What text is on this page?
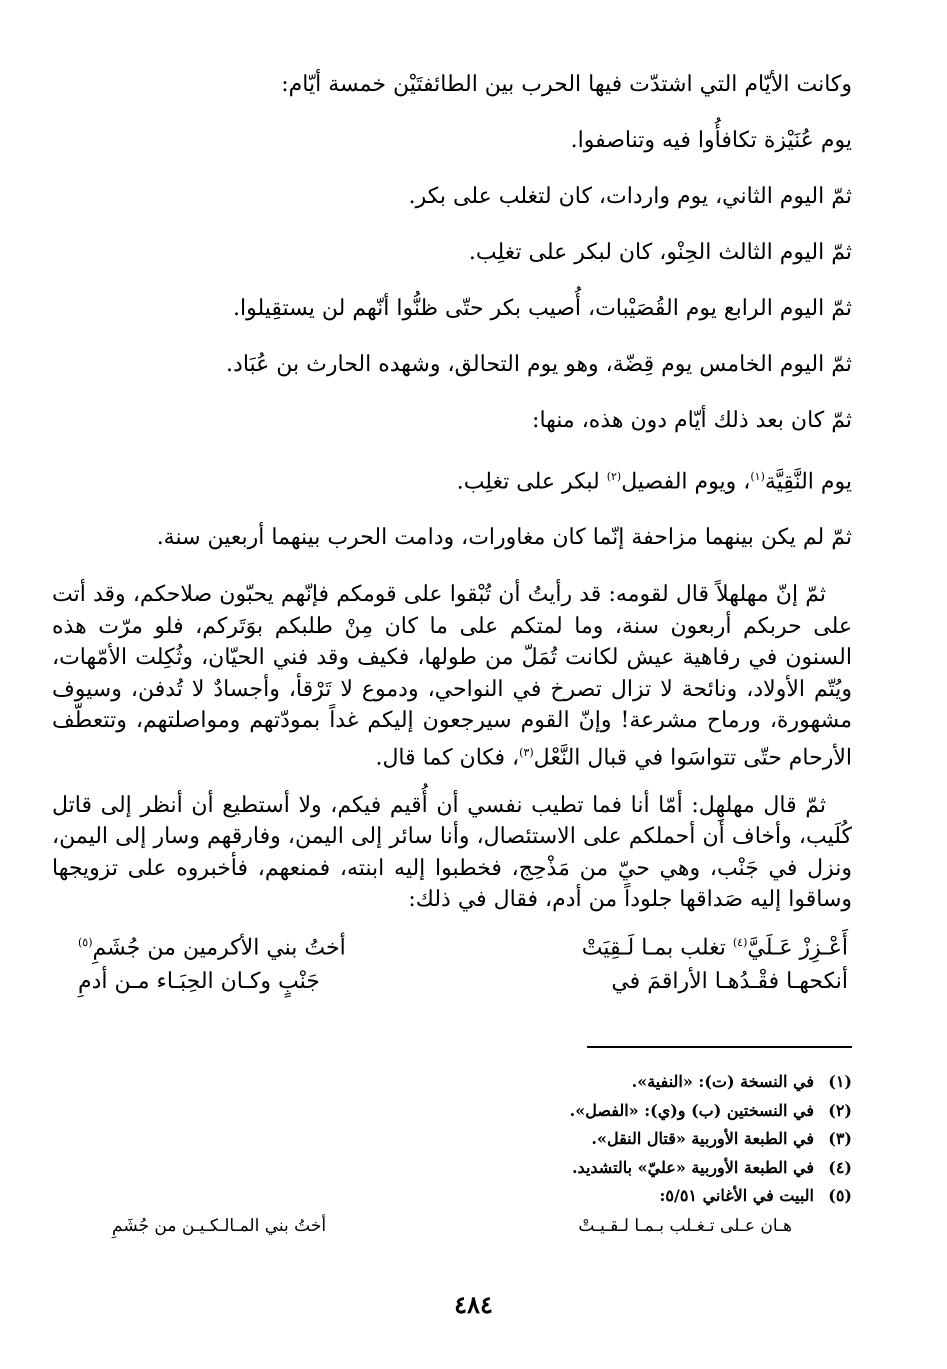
وكانت الأيّام التي اشتدّت فيها الحرب بين الطائفتَيْن خمسة أيّام:
يوم عُنَيْزة تكافأُوا فيه وتناصفوا.
ثمّ اليوم الثاني، يوم واردات، كان لتغلب على بكر.
ثمّ اليوم الثالث الحِنْو، كان لبكر على تغلِب.
ثمّ اليوم الرابع يوم القُصَيْبات، أُصيب بكر حتّى ظنُّوا أنّهم لن يستقِيلوا.
ثمّ اليوم الخامس يوم قِضّة، وهو يوم التحالق، وشهده الحارث بن عُبَاد.
ثمّ كان بعد ذلك أيّام دون هذه، منها:
يوم النَّقِيَّة$^{(١)}$، ويوم الفصيل$^{(٢)}$ لبكر على تغلِب.
ثمّ لم يكن بينهما مزاحفة إنّما كان مغاورات، ودامت الحرب بينهما أربعين سنة.
ثمّ إنّ مهلهلاً قال لقومه: قد رأيتُ أن تُبْقوا على قومكم فإنّهم يحبّون صلاحكم، وقد أتت على حربكم أربعون سنة، وما لمتكم على ما كان مِنْ طلبكم بوَتَركم، فلو مرّت هذه السنون في رفاهية عيش لكانت تُمَلّ من طولها، فكيف وقد فني الحيّان، وثُكِلت الأمّهات، ويُتّم الأولاد، ونائحة لا تزال تصرخ في النواحي، ودموع لا تَرْقأ، وأجسادٌ لا تُدفن، وسيوف مشهورة، ورماح مشرعة! وإنّ القوم سيرجعون إليكم غداً بمودّتهم ومواصلتهم، وتتعطّف الأرحام حتّى تتواسَوا في قبال النَّعْل$^{(٣)}$، فكان كما قال.
ثمّ قال مهلهِل: أمّا أنا فما تطيب نفسي أن أُقيم فيكم، ولا أستطيع أن أنظر إلى قاتل كُلَيب، وأخاف أن أحملكم على الاستئصال، وأنا سائر إلى اليمن، وفارقهم وسار إلى اليمن، ونزل في جَنْب، وهي حيّ من مَذْحِج، فخطبوا إليه ابنته، فمنعهم، فأخبروه على تزويجها وساقوا إليه صَداقها جلوداً من أدم، فقال في ذلك:
أَعْـزِزْ عَـلَيَّ$^{(٤)}$ تغلب بمـا لَـقِيَتْ
أختُ بني الأكرمين من جُشَمِ$^{(٥)}$
أنكحهـا فقْـدُهـا الأراقمَ في
جَنْبٍ وكـان الحِبَـاء مـن أدمِ
(١)في النسخة (ت): «النفية».
(٢)في النسختين (ب) و(ي): «الفصل».
(٣)في الطبعة الأوربية «قتال النقل».
(٤)في الطبعة الأوربية «عليّ» بالتشديد.
(٥)البيت في الأغاني ٥/٥١:
هـان عـلى تـغـلب بـمـا لـقـيـتْ
أختُ بني المـالـكـيـن من جُشَمِ
٤٨٤
